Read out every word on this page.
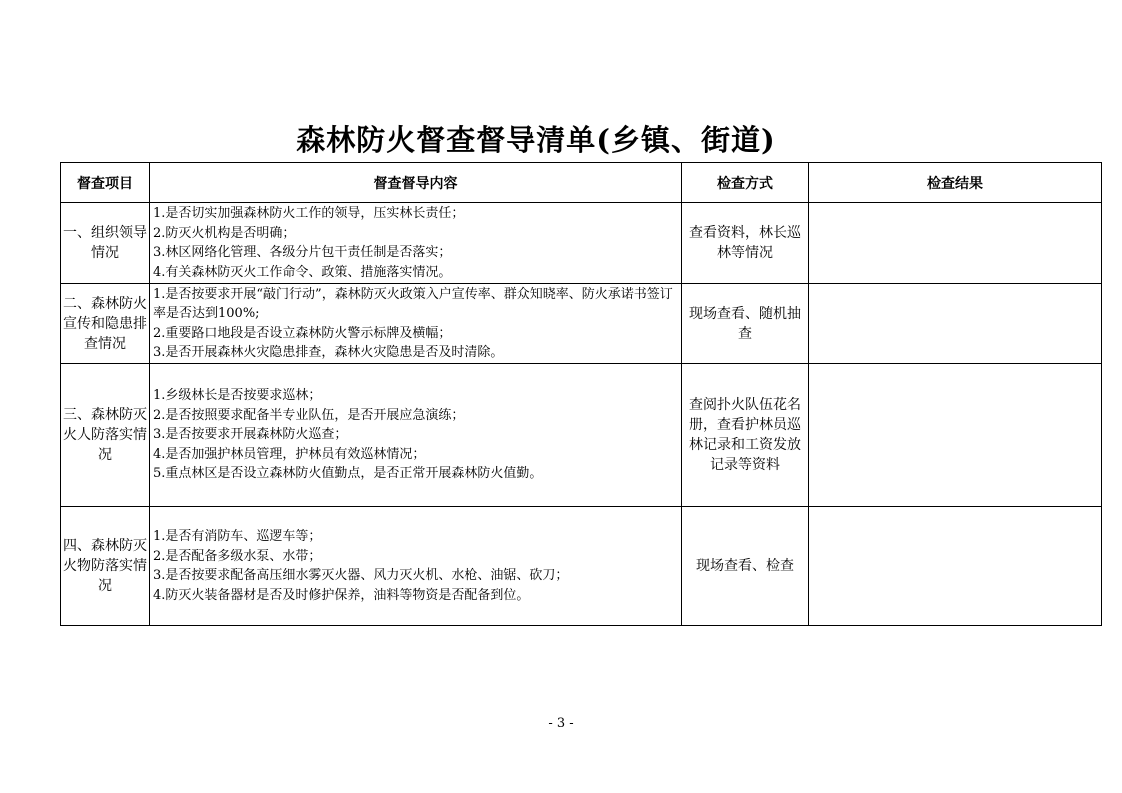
森林防火督查督导清单(乡镇、街道)
督查项目	督查督导内容	检查方式	检查结果
一、组织领导情况	1.是否切实加强森林防火工作的领导，压实林长责任；
2.防灭火机构是否明确；
3.林区网络化管理、各级分片包干责任制是否落实；
4.有关森林防灭火工作命令、政策、措施落实情况。	查看资料，林长巡林等情况	
二、森林防火宣传和隐患排查情况	1.是否按要求开展“敲门行动”，森林防灭火政策入户宣传率、群众知晓率、防火承诺书签订率是否达到100%;
2.重要路口地段是否设立森林防火警示标牌及横幅；
3.是否开展森林火灾隐患排查，森林火灾隐患是否及时清除。	现场查看、随机抽查	
三、森林防灭火人防落实情况	1.乡级林长是否按要求巡林；
2.是否按照要求配备半专业队伍，是否开展应急演练；
3.是否按要求开展森林防火巡查；
4.是否加强护林员管理，护林员有效巡林情况；
5.重点林区是否设立森林防火值勤点，是否正常开展森林防火值勤。	查阅扑火队伍花名册，查看护林员巡林记录和工资发放记录等资料	
四、森林防灭火物防落实情况	1.是否有消防车、巡逻车等；
2.是否配备多级水泵、水带；
3.是否按要求配备高压细水雾灭火器、风力灭火机、水枪、油锯、砍刀；
4.防灭火装备器材是否及时修护保养，油料等物资是否配备到位。	现场查看、检查	
- 3 -
